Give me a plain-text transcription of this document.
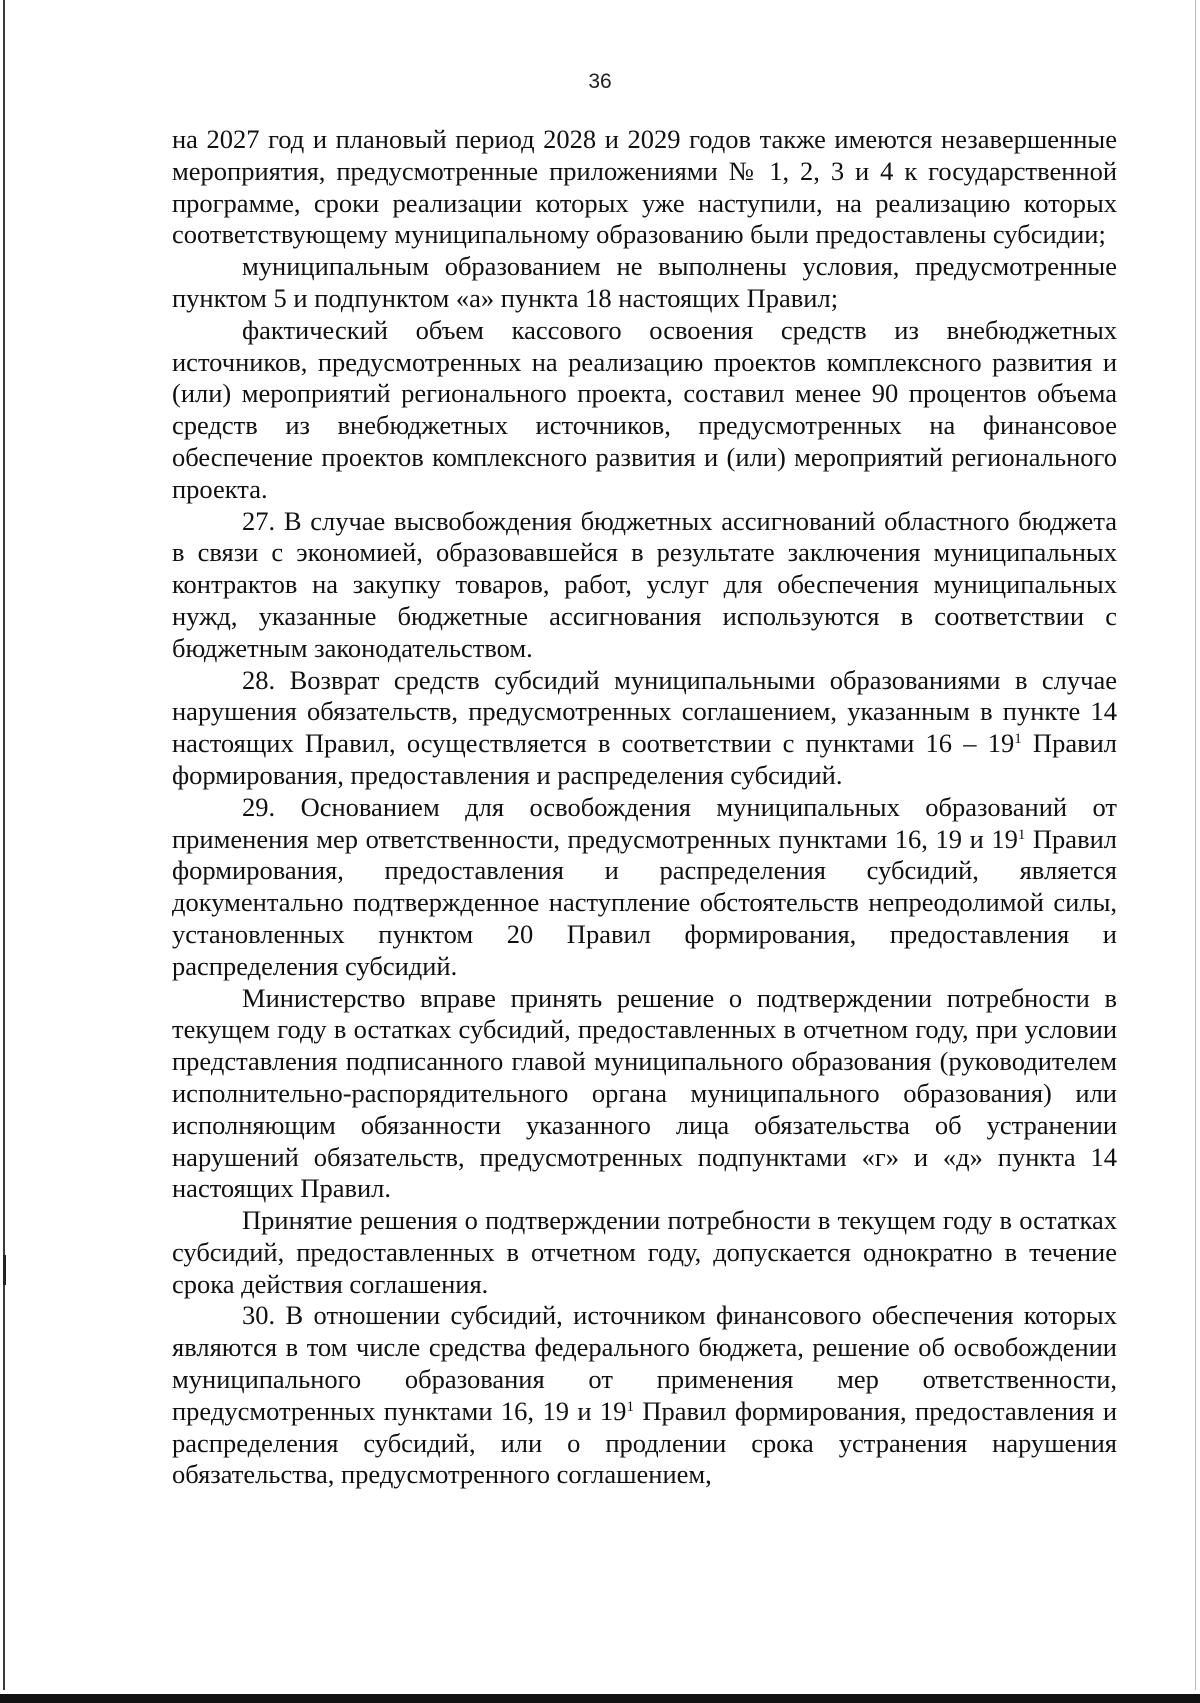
36

на 2027 год и плановый период 2028 и 2029 годов также имеются незавершенные мероприятия, предусмотренные приложениями № 1, 2, 3 и 4 к государственной программе, сроки реализации которых уже наступили, на реализацию которых соответствующему муниципальному образованию были предоставлены субсидии;

муниципальным образованием не выполнены условия, предусмотренные пунктом 5 и подпунктом «а» пункта 18 настоящих Правил;

фактический объем кассового освоения средств из внебюджетных источников, предусмотренных на реализацию проектов комплексного развития и (или) мероприятий регионального проекта, составил менее 90 процентов объема средств из внебюджетных источников, предусмотренных на финансовое обеспечение проектов комплексного развития и (или) мероприятий регионального проекта.

27. В случае высвобождения бюджетных ассигнований областного бюджета в связи с экономией, образовавшейся в результате заключения муниципальных контрактов на закупку товаров, работ, услуг для обеспечения муниципальных нужд, указанные бюджетные ассигнования используются в соответствии с бюджетным законодательством.

28. Возврат средств субсидий муниципальными образованиями в случае нарушения обязательств, предусмотренных соглашением, указанным в пункте 14 настоящих Правил, осуществляется в соответствии с пунктами $16 - 19^1$ Правил формирования, предоставления и распределения субсидий.

29. Основанием для освобождения муниципальных образований от применения мер ответственности, предусмотренных пунктами 16, 19 и $19^1$ Правил формирования, предоставления и распределения субсидий, является документально подтвержденное наступление обстоятельств непреодолимой силы, установленных пунктом 20 Правил формирования, предоставления и распределения субсидий.

Министерство вправе принять решение о подтверждении потребности в текущем году в остатках субсидий, предоставленных в отчетном году, при условии представления подписанного главой муниципального образования (руководителем исполнительно-распорядительного органа муниципального образования) или исполняющим обязанности указанного лица обязательства об устранении нарушений обязательств, предусмотренных подпунктами «г» и «д» пункта 14 настоящих Правил.

Принятие решения о подтверждении потребности в текущем году в остатках субсидий, предоставленных в отчетном году, допускается однократно в течение срока действия соглашения.

30. В отношении субсидий, источником финансового обеспечения которых являются в том числе средства федерального бюджета, решение об освобождении муниципального образования от применения мер ответственности, предусмотренных пунктами 16, 19 и $19^1$ Правил формирования, предоставления и распределения субсидий, или о продлении срока устранения нарушения обязательства, предусмотренного соглашением,
